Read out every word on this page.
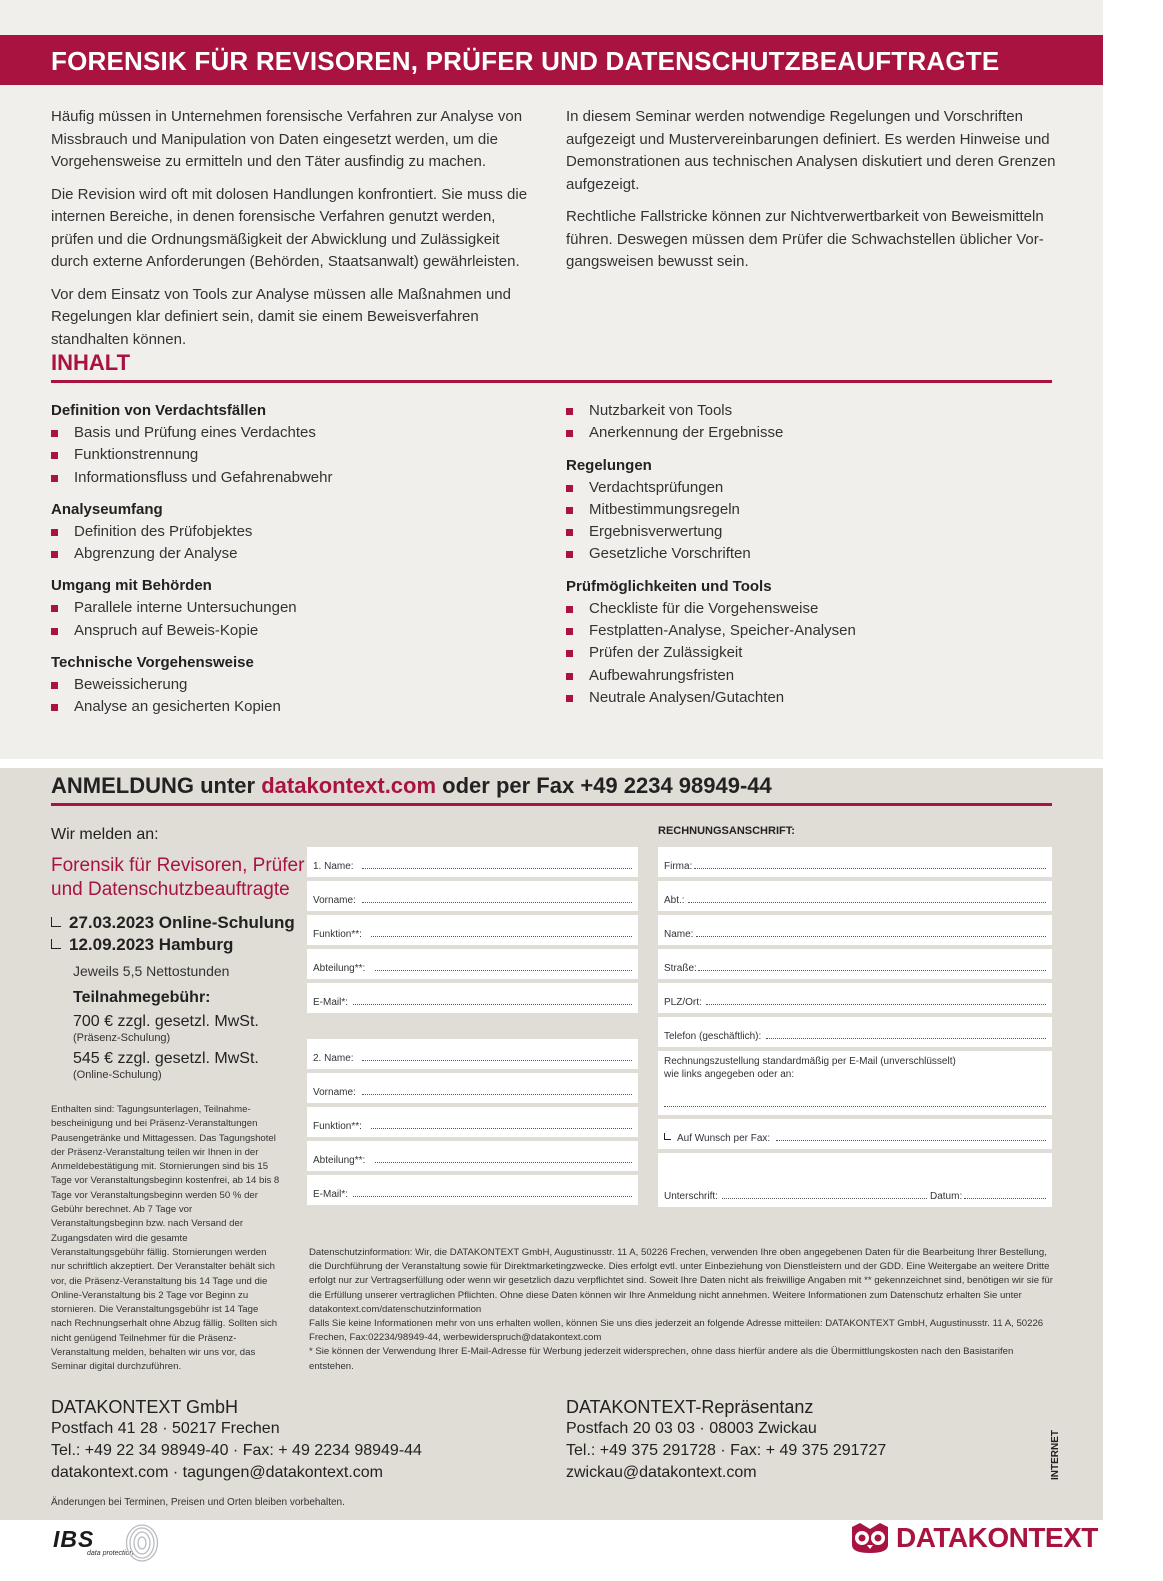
FORENSIK FÜR REVISOREN, PRÜFER UND DATENSCHUTZBEAUFTRAGTE

Häufig müssen in Unternehmen forensische Verfahren zur Analyse von Missbrauch und Manipulation von Daten eingesetzt werden, um die Vorgehensweise zu ermitteln und den Täter ausfindig zu machen.

Die Revision wird oft mit dolosen Handlungen konfrontiert. Sie muss die internen Bereiche, in denen forensische Verfahren genutzt werden, prüfen und die Ordnungsmäßigkeit der Abwicklung und Zulässigkeit durch externe Anforderungen (Behörden, Staatsanwalt) gewährleisten.

Vor dem Einsatz von Tools zur Analyse müssen alle Maßnahmen und Regelungen klar definiert sein, damit sie einem Beweisverfahren standhalten können.

In diesem Seminar werden notwendige Regelungen und Vorschriften aufgezeigt und Mustervereinbarungen definiert. Es werden Hinweise und Demonstrationen aus technischen Analysen diskutiert und deren Grenzen aufgezeigt.

Rechtliche Fallstricke können zur Nichtverwertbarkeit von Beweismitteln führen. Deswegen müssen dem Prüfer die Schwachstellen üblicher Vorgangsweisen bewusst sein.

INHALT

Definition von Verdachtsfällen

Basis und Prüfung eines Verdachtes
Funktionstrennung
Informationsfluss und Gefahrenabwehr

Analyseumfang

Definition des Prüfobjektes
Abgrenzung der Analyse

Umgang mit Behörden

Parallele interne Untersuchungen
Anspruch auf Beweis-Kopie

Technische Vorgehensweise

Beweissicherung
Analyse an gesicherten Kopien
Nutzbarkeit von Tools
Anerkennung der Ergebnisse

Regelungen

Verdachtsprüfungen
Mitbestimmungsregeln
Ergebnisverwertung
Gesetzliche Vorschriften

Prüfmöglichkeiten und Tools

Checkliste für die Vorgehensweise
Festplatten-Analyse, Speicher-Analysen
Prüfen der Zulässigkeit
Aufbewahrungsfristen
Neutrale Analysen/Gutachten
ANMELDUNG unter datakontext.com oder per Fax +49 2234 98949-44
Wir melden an:
Forensik für Revisoren, Prüfer
und Datenschutzbeauftragte
27.03.2023 Online-Schulung
12.09.2023 Hamburg
Jeweils 5,5 Nettostunden
Teilnahmegebühr:
700 € zzgl. gesetzl. MwSt.
(Präsenz-Schulung)
545 € zzgl. gesetzl. MwSt.
(Online-Schulung)
Enthalten sind: Tagungsunterlagen, Teilnahmebescheinigung und bei Präsenz-Veranstaltungen Pausengetränke und Mittagessen. Das Tagungshotel der Präsenz-Veranstaltung teilen wir Ihnen in der Anmeldebestätigung mit. Stornierungen sind bis 15 Tage vor Veranstaltungsbeginn kostenfrei, ab 14 bis 8 Tage vor Veranstaltungsbeginn werden 50 % der Gebühr berechnet. Ab 7 Tage vor Veranstaltungsbeginn bzw. nach Versand der Zugangsdaten wird die gesamte Veranstaltungsgebühr fällig. Stornierungen werden nur schriftlich akzeptiert. Der Veranstalter behält sich vor, die Präsenz-Veranstaltung bis 14 Tage und die Online-Veranstaltung bis 2 Tage vor Beginn zu stornieren. Die Veranstaltungsgebühr ist 14 Tage nach Rechnungserhalt ohne Abzug fällig. Sollten sich nicht genügend Teilnehmer für die Präsenz-Veranstaltung melden, behalten wir uns vor, das Seminar digital durchzuführen.
1. Name:
Vorname:
Funktion**:
Abteilung**:
E-Mail*:
2. Name:
Vorname:
Funktion**:
Abteilung**:
E-Mail*:
RECHNUNGSANSCHRIFT:
Firma:
Abt.:
Name:
Straße:
PLZ/Ort:
Telefon (geschäftlich):
Rechnungszustellung standardmäßig per E-Mail (unverschlüsselt) wie links angegeben oder an:
Auf Wunsch per Fax:
Unterschrift:	Datum:
Datenschutzinformation: Wir, die DATAKONTEXT GmbH, Augustinusstr. 11 A, 50226 Frechen, verwenden Ihre oben angegebenen Daten für die Bearbeitung Ihrer Bestellung, die Durchführung der Veranstaltung sowie für Direktmarketingzwecke. Dies erfolgt evtl. unter Einbeziehung von Dienstleistern und der GDD. Eine Weitergabe an weitere Dritte erfolgt nur zur Vertragserfüllung oder wenn wir gesetzlich dazu verpflichtet sind. Soweit Ihre Daten nicht als freiwillige Angaben mit ** gekennzeichnet sind, benötigen wir sie für die Erfüllung unserer vertraglichen Pflichten. Ohne diese Daten können wir Ihre Anmeldung nicht annehmen. Weitere Informationen zum Datenschutz erhalten Sie unter datakontext.com/datenschutzinformation
Falls Sie keine Informationen mehr von uns erhalten wollen, können Sie uns dies jederzeit an folgende Adresse mitteilen: DATAKONTEXT GmbH, Augustinusstr. 11 A, 50226 Frechen, Fax:02234/98949-44, werbewiderspruch@datakontext.com
* Sie können der Verwendung Ihrer E-Mail-Adresse für Werbung jederzeit widersprechen, ohne dass hierfür andere als die Übermittlungskosten nach den Basistarifen entstehen.
DATAKONTEXT GmbH
Postfach 41 28 · 50217 Frechen
Tel.: +49 22 34 98949-40 · Fax: + 49 2234 98949-44
datakontext.com · tagungen@datakontext.com
DATAKONTEXT-Repräsentanz
Postfach 20 03 03 · 08003 Zwickau
Tel.: +49 375 291728 · Fax: + 49 375 291727
zwickau@datakontext.com	INTERNET
Änderungen bei Terminen, Preisen und Orten bleiben vorbehalten.
IBS
data protection
DATAKONTEXT
